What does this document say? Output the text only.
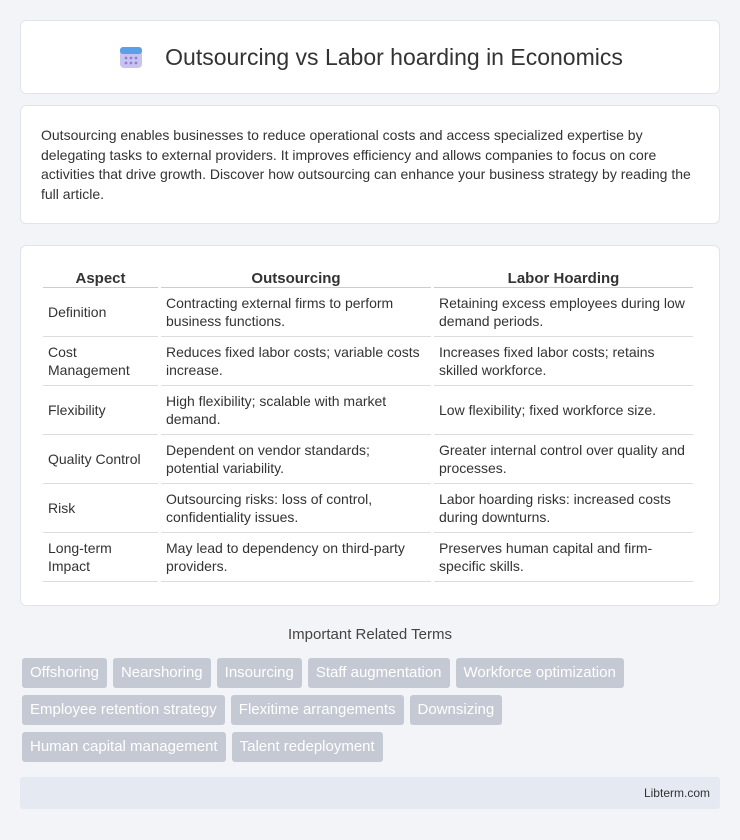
Outsourcing vs Labor hoarding in Economics

Outsourcing enables businesses to reduce operational costs and access specialized expertise by delegating tasks to external providers. It improves efficiency and allows companies to focus on core activities that drive growth. Discover how outsourcing can enhance your business strategy by reading the full article.

Aspect	Outsourcing	Labor Hoarding
Definition	Contracting external firms to perform business functions.	Retaining excess employees during low demand periods.
Cost Management	Reduces fixed labor costs; variable costs increase.	Increases fixed labor costs; retains skilled workforce.
Flexibility	High flexibility; scalable with market demand.	Low flexibility; fixed workforce size.
Quality Control	Dependent on vendor standards; potential variability.	Greater internal control over quality and processes.
Risk	Outsourcing risks: loss of control, confidentiality issues.	Labor hoarding risks: increased costs during downturns.
Long-term Impact	May lead to dependency on third-party providers.	Preserves human capital and firm-specific skills.
Important Related Terms
Offshoring	Nearshoring	Insourcing	Staff augmentation	Workforce optimization
Employee retention strategy	Flexitime arrangements	Downsizing
Human capital management	Talent redeployment
Libterm.com
